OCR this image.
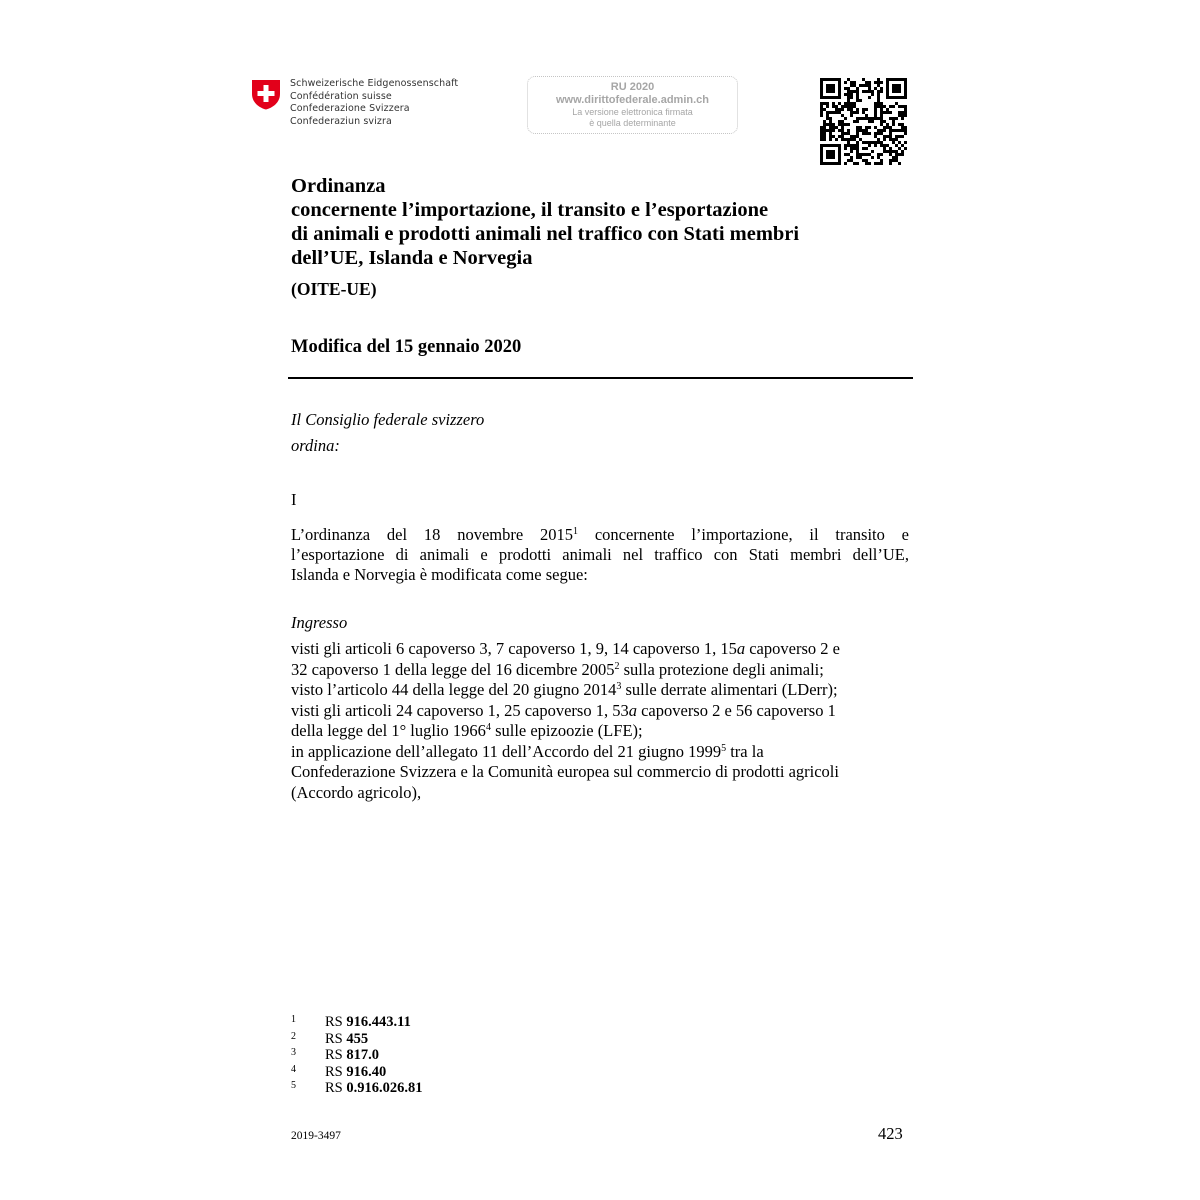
Schweizerische Eidgenossenschaft
Confédération suisse
Confederazione Svizzera
Confederaziun svizra
RU 2020
www.dirittofederale.admin.ch
La versione elettronica firmata
è quella determinante
Ordinanza
concernente l’importazione, il transito e l’esportazione
di animali e prodotti animali nel traffico con Stati membri
dell’UE, Islanda e Norvegia
(OITE-UE)
Modifica del 15 gennaio 2020
Il Consiglio federale svizzero
ordina:
I
L’ordinanza del 18 novembre 2015$^1$ concernente l’importazione, il transito e
l’esportazione di animali e prodotti animali nel traffico con Stati membri dell’UE,
Islanda e Norvegia è modificata come segue:
Ingresso
visti gli articoli 6 capoverso 3, 7 capoverso 1, 9, 14 capoverso 1, 15a capoverso 2 e
32 capoverso 1 della legge del 16 dicembre 2005$^2$ sulla protezione degli animali;
visto l’articolo 44 della legge del 20 giugno 2014$^3$ sulle derrate alimentari (LDerr);
visti gli articoli 24 capoverso 1, 25 capoverso 1, 53a capoverso 2 e 56 capoverso 1
della legge del 1° luglio 1966$^4$ sulle epizoozie (LFE);
in applicazione dell’allegato 11 dell’Accordo del 21 giugno 1999$^5$ tra la
Confederazione Svizzera e la Comunità europea sul commercio di prodotti agricoli
(Accordo agricolo),
1	RS 916.443.11
2	RS 455
3	RS 817.0
4	RS 916.40
5	RS 0.916.026.81
2019-3497	423
